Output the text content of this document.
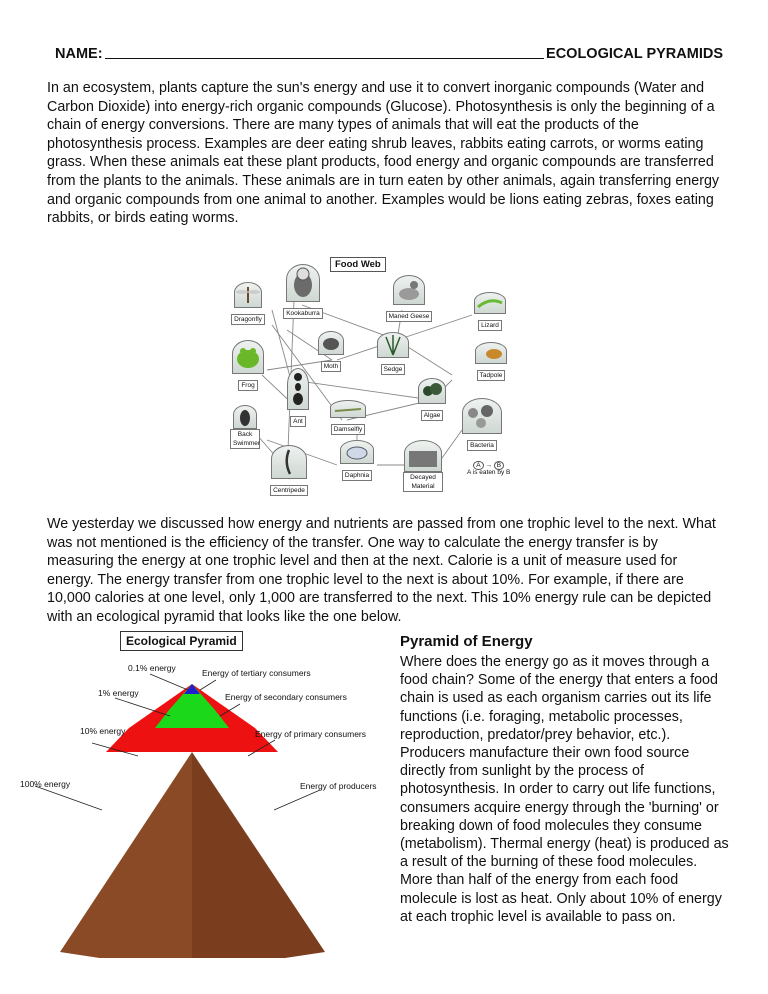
NAME:	ECOLOGICAL PYRAMIDS
In an ecosystem, plants capture the sun's energy and use it to convert inorganic compounds (Water and Carbon Dioxide) into energy-rich organic compounds (Glucose). Photosynthesis is only the beginning of a chain of energy conversions. There are many types of animals that will eat the products of the photosynthesis process. Examples are deer eating shrub leaves, rabbits eating carrots, or worms eating grass. When these animals eat these plant products, food energy and organic compounds are transferred from the plants to the animals. These animals are in turn eaten by other animals, again transferring energy and organic compounds from one animal to another. Examples would be lions eating zebras, foxes eating rabbits, or birds eating worms.
Food Web
Kookaburra	Maned Geese
Dragonfly
Lizard
Moth	Sedge
Tadpole
Frog
Ant
Damselfly
Algae
Bacteria
Back Swimmer
Daphnia
Centripede
Decayed Material
A → B
A is eaten by B
We yesterday we discussed how energy and nutrients are passed from one trophic level to the next. What was not mentioned is the efficiency of the transfer. One way to calculate the energy transfer is by measuring the energy at one trophic level and then at the next. Calorie is a unit of measure used for energy. The energy transfer from one trophic level to the next is about 10%. For example, if there are 10,000 calories at one level, only 1,000 are transferred to the next. This 10% energy rule can be depicted with an ecological pyramid that looks like the one below.
Ecological Pyramid
0.1% energy
1% energy
10% energy
100% energy
Energy of tertiary consumers
Energy of secondary consumers
Energy of primary consumers
Energy of producers
Pyramid of Energy
Where does the energy go as it moves through a food chain? Some of the energy that enters a food chain is used as each organism carries out its life functions (i.e. foraging, metabolic processes, reproduction, predator/prey behavior, etc.). Producers manufacture their own food source directly from sunlight by the process of photosynthesis. In order to carry out life functions, consumers acquire energy through the 'burning' or breaking down of food molecules they consume (metabolism). Thermal energy (heat) is produced as a result of the burning of these food molecules. More than half of the energy from each food molecule is lost as heat. Only about 10% of energy at each trophic level is available to pass on.
